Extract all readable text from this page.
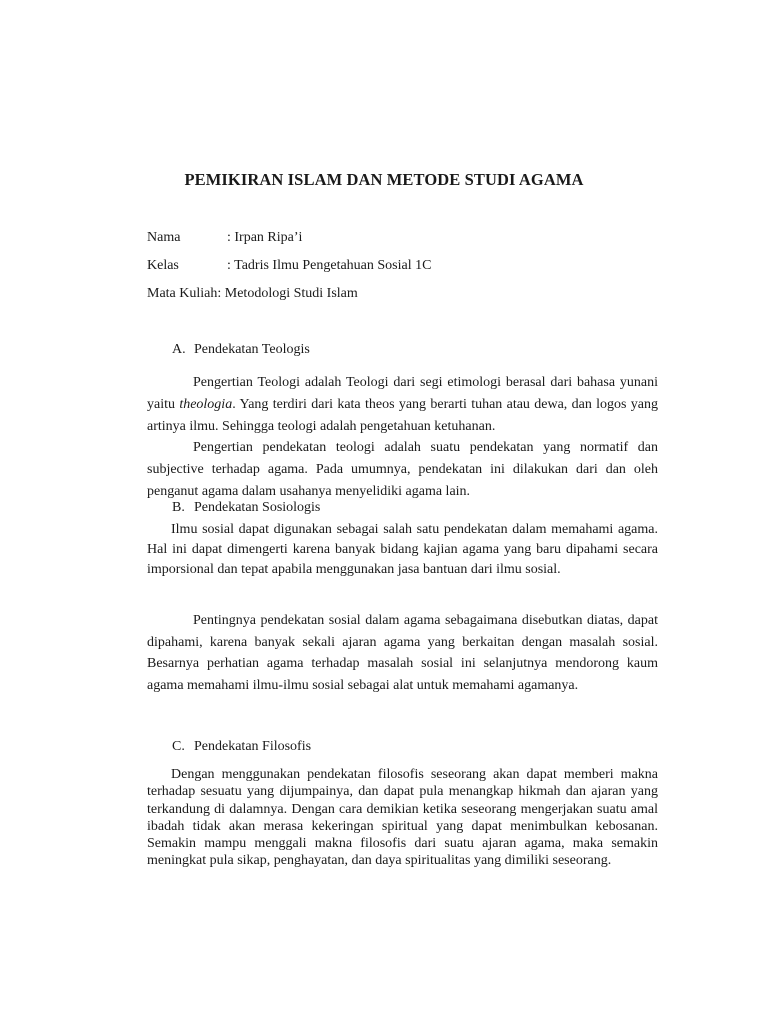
PEMIKIRAN ISLAM DAN METODE STUDI AGAMA
Nama	: Irpan Ripa’i
Kelas	: Tadris Ilmu Pengetahuan Sosial 1C
Mata Kuliah: Metodologi Studi Islam
A. Pendekatan Teologis

Pengertian Teologi adalah Teologi dari segi etimologi berasal dari bahasa yunani yaitu theologia. Yang terdiri dari kata theos yang berarti tuhan atau dewa, dan logos yang artinya ilmu. Sehingga teologi adalah pengetahuan ketuhanan.

Pengertian pendekatan teologi adalah suatu pendekatan yang normatif dan subjective terhadap agama. Pada umumnya, pendekatan ini dilakukan dari dan oleh penganut agama dalam usahanya menyelidiki agama lain.

B. Pendekatan Sosiologis

Ilmu sosial dapat digunakan sebagai salah satu pendekatan dalam memahami agama. Hal ini dapat dimengerti karena banyak bidang kajian agama yang baru dipahami secara imporsional dan tepat apabila menggunakan jasa bantuan dari ilmu sosial.

Pentingnya pendekatan sosial dalam agama sebagaimana disebutkan diatas, dapat dipahami, karena banyak sekali ajaran agama yang berkaitan dengan masalah sosial. Besarnya perhatian agama terhadap masalah sosial ini selanjutnya mendorong kaum agama memahami ilmu-ilmu sosial sebagai alat untuk memahami agamanya.

C. Pendekatan Filosofis

Dengan menggunakan pendekatan filosofis seseorang akan dapat memberi makna terhadap sesuatu yang dijumpainya, dan dapat pula menangkap hikmah dan ajaran yang terkandung di dalamnya. Dengan cara demikian ketika seseorang mengerjakan suatu amal ibadah tidak akan merasa kekeringan spiritual yang dapat menimbulkan kebosanan. Semakin mampu menggali makna filosofis dari suatu ajaran agama, maka semakin meningkat pula sikap, penghayatan, dan daya spiritualitas yang dimiliki seseorang.
